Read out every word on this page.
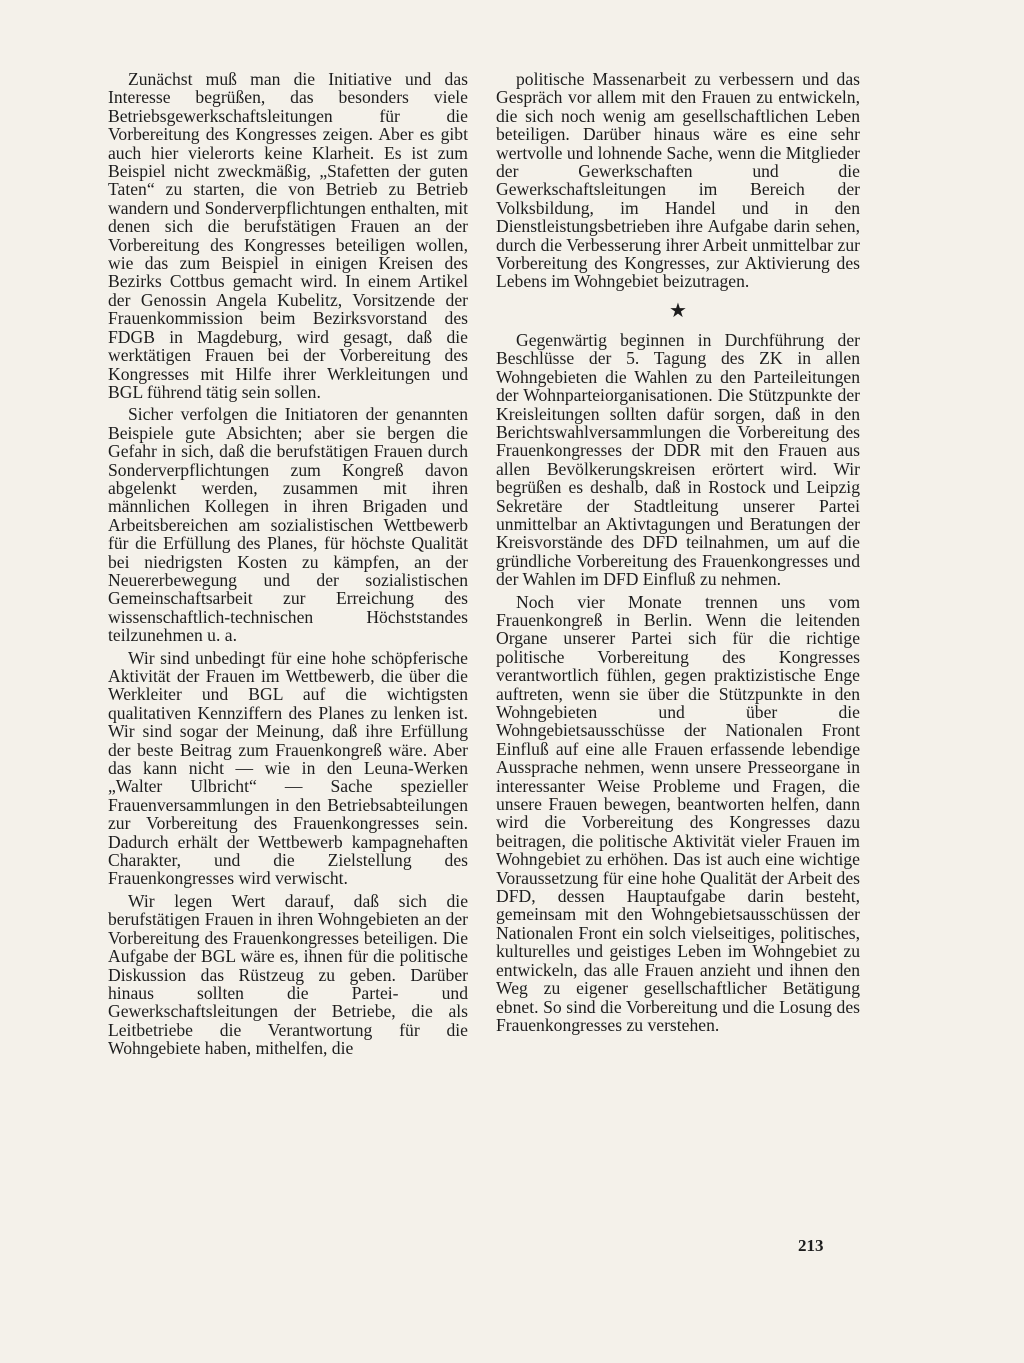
Zunächst muß man die Initiative und das Interesse begrüßen, das besonders viele Betriebsgewerkschaftsleitungen für die Vorbereitung des Kongresses zeigen. Aber es gibt auch hier vielerorts keine Klarheit. Es ist zum Beispiel nicht zweckmäßig, „Stafetten der guten Taten“ zu starten, die von Betrieb zu Betrieb wandern und Sonderverpflichtungen enthalten, mit denen sich die berufstätigen Frauen an der Vorbereitung des Kongresses beteiligen wollen, wie das zum Beispiel in einigen Kreisen des Bezirks Cottbus gemacht wird. In einem Artikel der Genossin Angela Kubelitz, Vorsitzende der Frauenkommission beim Bezirksvorstand des FDGB in Magdeburg, wird gesagt, daß die werktätigen Frauen bei der Vorbereitung des Kongresses mit Hilfe ihrer Werkleitungen und BGL führend tätig sein sollen.

Sicher verfolgen die Initiatoren der genannten Beispiele gute Absichten; aber sie bergen die Gefahr in sich, daß die berufstätigen Frauen durch Sonderverpflichtungen zum Kongreß davon abgelenkt werden, zusammen mit ihren männlichen Kollegen in ihren Brigaden und Arbeitsbereichen am sozialistischen Wettbewerb für die Erfüllung des Planes, für höchste Qualität bei niedrigsten Kosten zu kämpfen, an der Neuererbewegung und der sozialistischen Gemeinschaftsarbeit zur Erreichung des wissenschaftlich-technischen Höchststandes teilzunehmen u. a.

Wir sind unbedingt für eine hohe schöpferische Aktivität der Frauen im Wettbewerb, die über die Werkleiter und BGL auf die wichtigsten qualitativen Kennziffern des Planes zu lenken ist. Wir sind sogar der Meinung, daß ihre Erfüllung der beste Beitrag zum Frauenkongreß wäre. Aber das kann nicht — wie in den Leuna-Werken „Walter Ulbricht“ — Sache spezieller Frauenversammlungen in den Betriebsabteilungen zur Vorbereitung des Frauenkongresses sein. Dadurch erhält der Wettbewerb kampagnehaften Charakter, und die Zielstellung des Frauenkongresses wird verwischt.

Wir legen Wert darauf, daß sich die berufstätigen Frauen in ihren Wohngebieten an der Vorbereitung des Frauenkongresses beteiligen. Die Aufgabe der BGL wäre es, ihnen für die politische Diskussion das Rüstzeug zu geben. Darüber hinaus sollten die Partei- und Gewerkschaftsleitungen der Betriebe, die als Leitbetriebe die Verantwortung für die Wohngebiete haben, mithelfen, die

politische Massenarbeit zu verbessern und das Gespräch vor allem mit den Frauen zu entwickeln, die sich noch wenig am gesellschaftlichen Leben beteiligen. Darüber hinaus wäre es eine sehr wertvolle und lohnende Sache, wenn die Mitglieder der Gewerkschaften und die Gewerkschaftsleitungen im Bereich der Volksbildung, im Handel und in den Dienstleistungsbetrieben ihre Aufgabe darin sehen, durch die Verbesserung ihrer Arbeit unmittelbar zur Vorbereitung des Kongresses, zur Aktivierung des Lebens im Wohngebiet beizutragen.

★

Gegenwärtig beginnen in Durchführung der Beschlüsse der 5. Tagung des ZK in allen Wohngebieten die Wahlen zu den Parteileitungen der Wohnparteiorganisationen. Die Stützpunkte der Kreisleitungen sollten dafür sorgen, daß in den Berichtswahlversammlungen die Vorbereitung des Frauenkongresses der DDR mit den Frauen aus allen Bevölkerungskreisen erörtert wird. Wir begrüßen es deshalb, daß in Rostock und Leipzig Sekretäre der Stadtleitung unserer Partei unmittelbar an Aktivtagungen und Beratungen der Kreisvorstände des DFD teilnahmen, um auf die gründliche Vorbereitung des Frauenkongresses und der Wahlen im DFD Einfluß zu nehmen.

Noch vier Monate trennen uns vom Frauenkongreß in Berlin. Wenn die leitenden Organe unserer Partei sich für die richtige politische Vorbereitung des Kongresses verantwortlich fühlen, gegen praktizistische Enge auftreten, wenn sie über die Stützpunkte in den Wohngebieten und über die Wohngebietsausschüsse der Nationalen Front Einfluß auf eine alle Frauen erfassende lebendige Aussprache nehmen, wenn unsere Presseorgane in interessanter Weise Probleme und Fragen, die unsere Frauen bewegen, beantworten helfen, dann wird die Vorbereitung des Kongresses dazu beitragen, die politische Aktivität vieler Frauen im Wohngebiet zu erhöhen. Das ist auch eine wichtige Voraussetzung für eine hohe Qualität der Arbeit des DFD, dessen Hauptaufgabe darin besteht, gemeinsam mit den Wohngebietsausschüssen der Nationalen Front ein solch vielseitiges, politisches, kulturelles und geistiges Leben im Wohngebiet zu entwickeln, das alle Frauen anzieht und ihnen den Weg zu eigener gesellschaftlicher Betätigung ebnet. So sind die Vorbereitung und die Losung des Frauenkongresses zu verstehen.

213
